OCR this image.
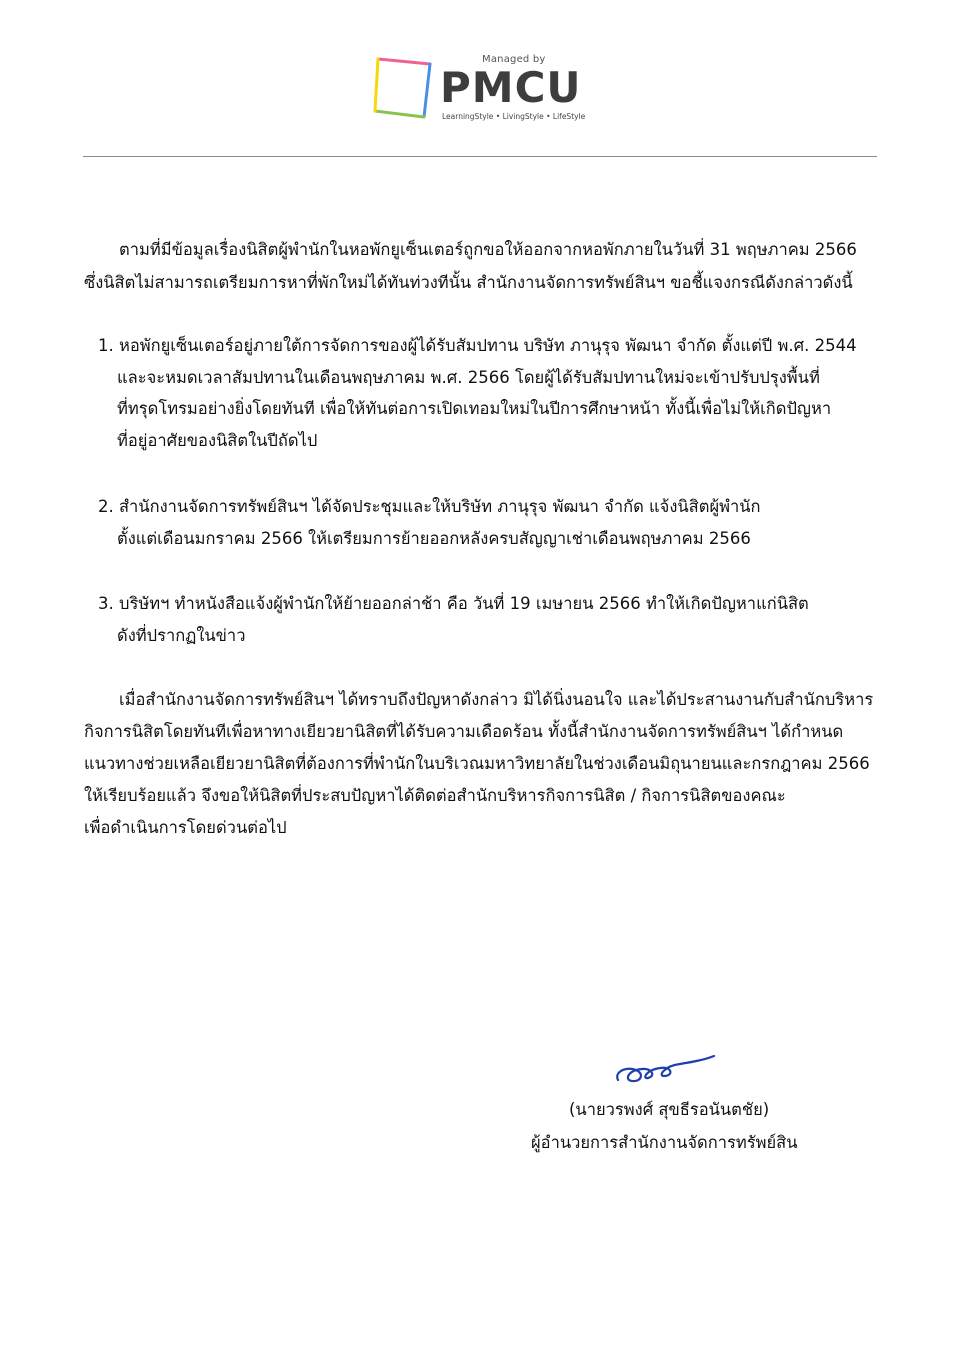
Managed by
PMCU
LearningStyle • LivingStyle • LifeStyle
ตามที่มีข้อมูลเรื่องนิสิตผู้พำนักในหอพักยูเซ็นเตอร์ถูกขอให้ออกจากหอพักภายในวันที่ 31 พฤษภาคม 2566
ซึ่งนิสิตไม่สามารถเตรียมการหาที่พักใหม่ได้ทันท่วงทีนั้น สำนักงานจัดการทรัพย์สินฯ ขอชี้แจงกรณีดังกล่าวดังนี้
1. หอพักยูเซ็นเตอร์อยู่ภายใต้การจัดการของผู้ได้รับสัมปทาน บริษัท ภานุรุจ พัฒนา จำกัด ตั้งแต่ปี พ.ศ. 2544
และจะหมดเวลาสัมปทานในเดือนพฤษภาคม พ.ศ. 2566 โดยผู้ได้รับสัมปทานใหม่จะเข้าปรับปรุงพื้นที่
ที่ทรุดโทรมอย่างยิ่งโดยทันที เพื่อให้ทันต่อการเปิดเทอมใหม่ในปีการศึกษาหน้า ทั้งนี้เพื่อไม่ให้เกิดปัญหา
ที่อยู่อาศัยของนิสิตในปีถัดไป
2. สำนักงานจัดการทรัพย์สินฯ ได้จัดประชุมและให้บริษัท ภานุรุจ พัฒนา จำกัด แจ้งนิสิตผู้พำนัก
ตั้งแต่เดือนมกราคม 2566 ให้เตรียมการย้ายออกหลังครบสัญญาเช่าเดือนพฤษภาคม 2566
3. บริษัทฯ ทำหนังสือแจ้งผู้พำนักให้ย้ายออกล่าช้า คือ วันที่ 19 เมษายน 2566 ทำให้เกิดปัญหาแก่นิสิต
ดังที่ปรากฏในข่าว
เมื่อสำนักงานจัดการทรัพย์สินฯ ได้ทราบถึงปัญหาดังกล่าว มิได้นิ่งนอนใจ และได้ประสานงานกับสำนักบริหาร
กิจการนิสิตโดยทันทีเพื่อหาทางเยียวยานิสิตที่ได้รับความเดือดร้อน ทั้งนี้สำนักงานจัดการทรัพย์สินฯ ได้กำหนด
แนวทางช่วยเหลือเยียวยานิสิตที่ต้องการที่พำนักในบริเวณมหาวิทยาลัยในช่วงเดือนมิถุนายนและกรกฎาคม 2566
ให้เรียบร้อยแล้ว จึงขอให้นิสิตที่ประสบปัญหาได้ติดต่อสำนักบริหารกิจการนิสิต / กิจการนิสิตของคณะ
เพื่อดำเนินการโดยด่วนต่อไป
(นายวรพงศ์ สุขธีรอนันตชัย)
ผู้อำนวยการสำนักงานจัดการทรัพย์สิน
